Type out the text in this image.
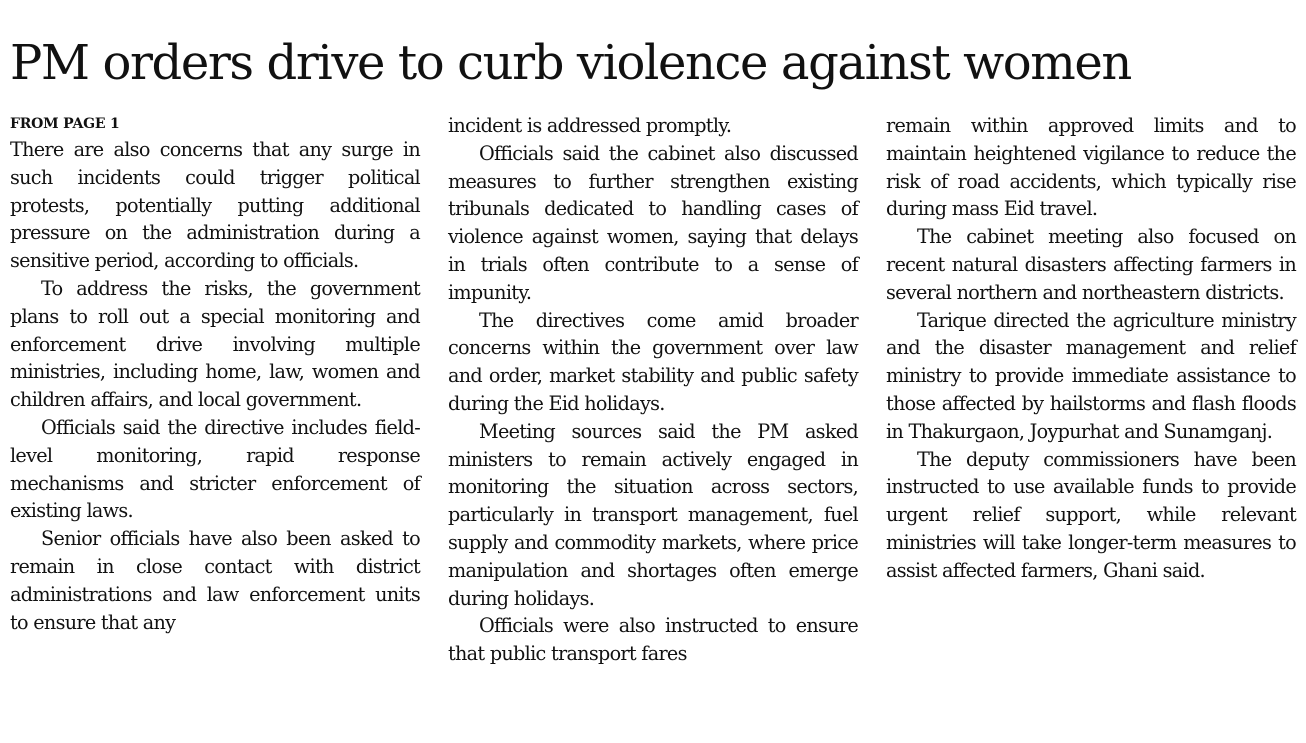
PM orders drive to curb violence against women
FROM PAGE 1

There are also concerns that any surge in such incidents could trigger political protests, potentially putting additional pressure on the administration during a sensitive period, according to officials.

To address the risks, the government plans to roll out a special monitoring and enforcement drive involving multiple ministries, including home, law, women and children affairs, and local government.

Officials said the directive includes field-level monitoring, rapid response mechanisms and stricter enforcement of existing laws.

Senior officials have also been asked to remain in close contact with district administrations and law enforcement units to ensure that any

incident is addressed promptly.

Officials said the cabinet also discussed measures to further strengthen existing tribunals dedicated to handling cases of violence against women, saying that delays in trials often contribute to a sense of impunity.

The directives come amid broader concerns within the government over law and order, market stability and public safety during the Eid holidays.

Meeting sources said the PM asked ministers to remain actively engaged in monitoring the situation across sectors, particularly in transport management, fuel supply and commodity markets, where price manipulation and shortages often emerge during holidays.

Officials were also instructed to ensure that public transport fares

remain within approved limits and to maintain heightened vigilance to reduce the risk of road accidents, which typically rise during mass Eid travel.

The cabinet meeting also focused on recent natural disasters affecting farmers in several northern and northeastern districts.

Tarique directed the agriculture ministry and the disaster management and relief ministry to provide immediate assistance to those affected by hailstorms and flash floods in Thakurgaon, Joypurhat and Sunamganj.

The deputy commissioners have been instructed to use available funds to provide urgent relief support, while relevant ministries will take longer-term measures to assist affected farmers, Ghani said.
